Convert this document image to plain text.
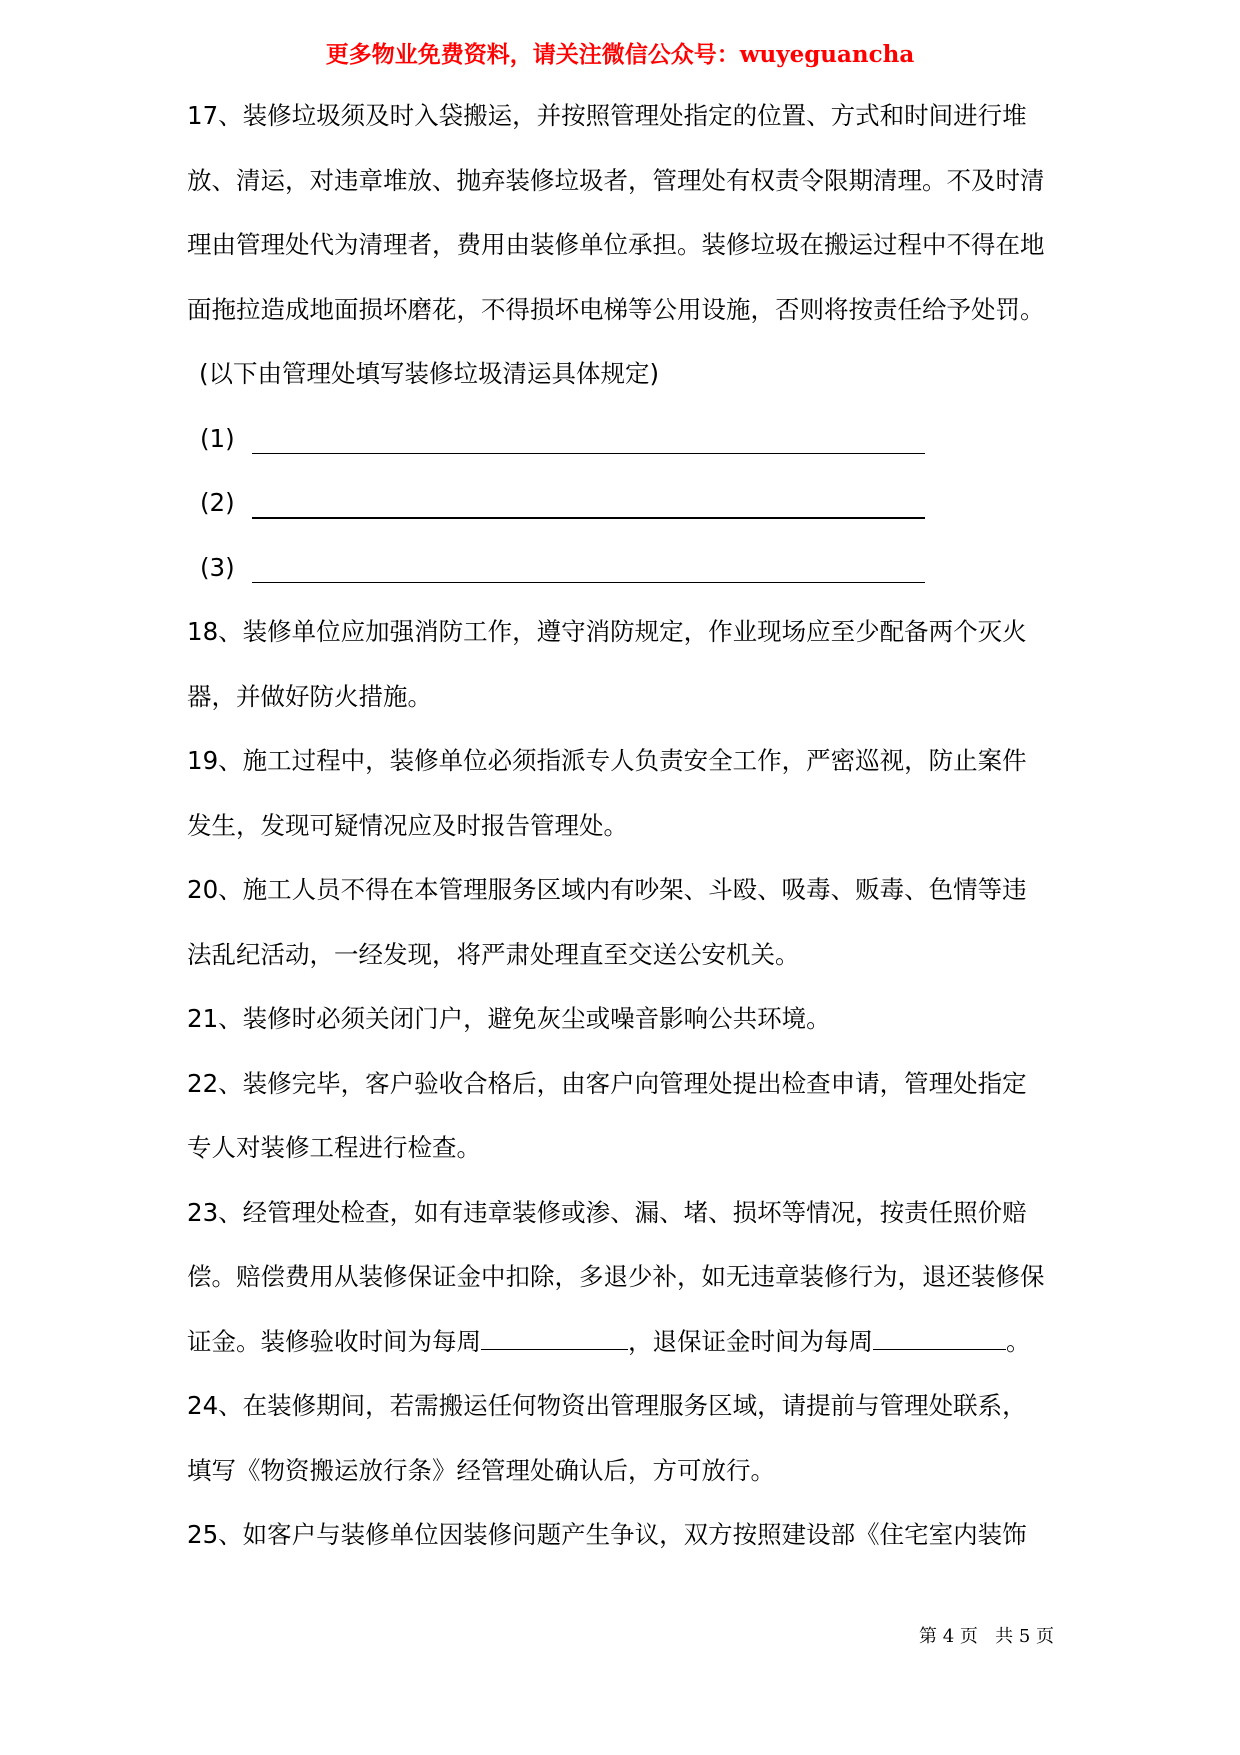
更多物业免费资料，请关注微信公众号：wuyeguancha
17、装修垃圾须及时入袋搬运，并按照管理处指定的位置、方式和时间进行堆
放、清运，对违章堆放、抛弃装修垃圾者，管理处有权责令限期清理。不及时清
理由管理处代为清理者，费用由装修单位承担。装修垃圾在搬运过程中不得在地
面拖拉造成地面损坏磨花，不得损坏电梯等公用设施，否则将按责任给予处罚。
(以下由管理处填写装修垃圾清运具体规定)
(1)
(2)
(3)
18、装修单位应加强消防工作，遵守消防规定，作业现场应至少配备两个灭火
器，并做好防火措施。
19、施工过程中，装修单位必须指派专人负责安全工作，严密巡视，防止案件
发生，发现可疑情况应及时报告管理处。
20、施工人员不得在本管理服务区域内有吵架、斗殴、吸毒、贩毒、色情等违
法乱纪活动，一经发现，将严肃处理直至交送公安机关。
21、装修时必须关闭门户，避免灰尘或噪音影响公共环境。
22、装修完毕，客户验收合格后，由客户向管理处提出检查申请，管理处指定
专人对装修工程进行检查。
23、经管理处检查，如有违章装修或渗、漏、堵、损坏等情况，按责任照价赔
偿。赔偿费用从装修保证金中扣除，多退少补，如无违章装修行为，退还装修保
证金。装修验收时间为每周	，退保证金时间为每周	。
24、在装修期间，若需搬运任何物资出管理服务区域，请提前与管理处联系，
填写《物资搬运放行条》经管理处确认后，方可放行。
25、如客户与装修单位因装修问题产生争议，双方按照建设部《住宅室内装饰
第 4 页   共 5 页
